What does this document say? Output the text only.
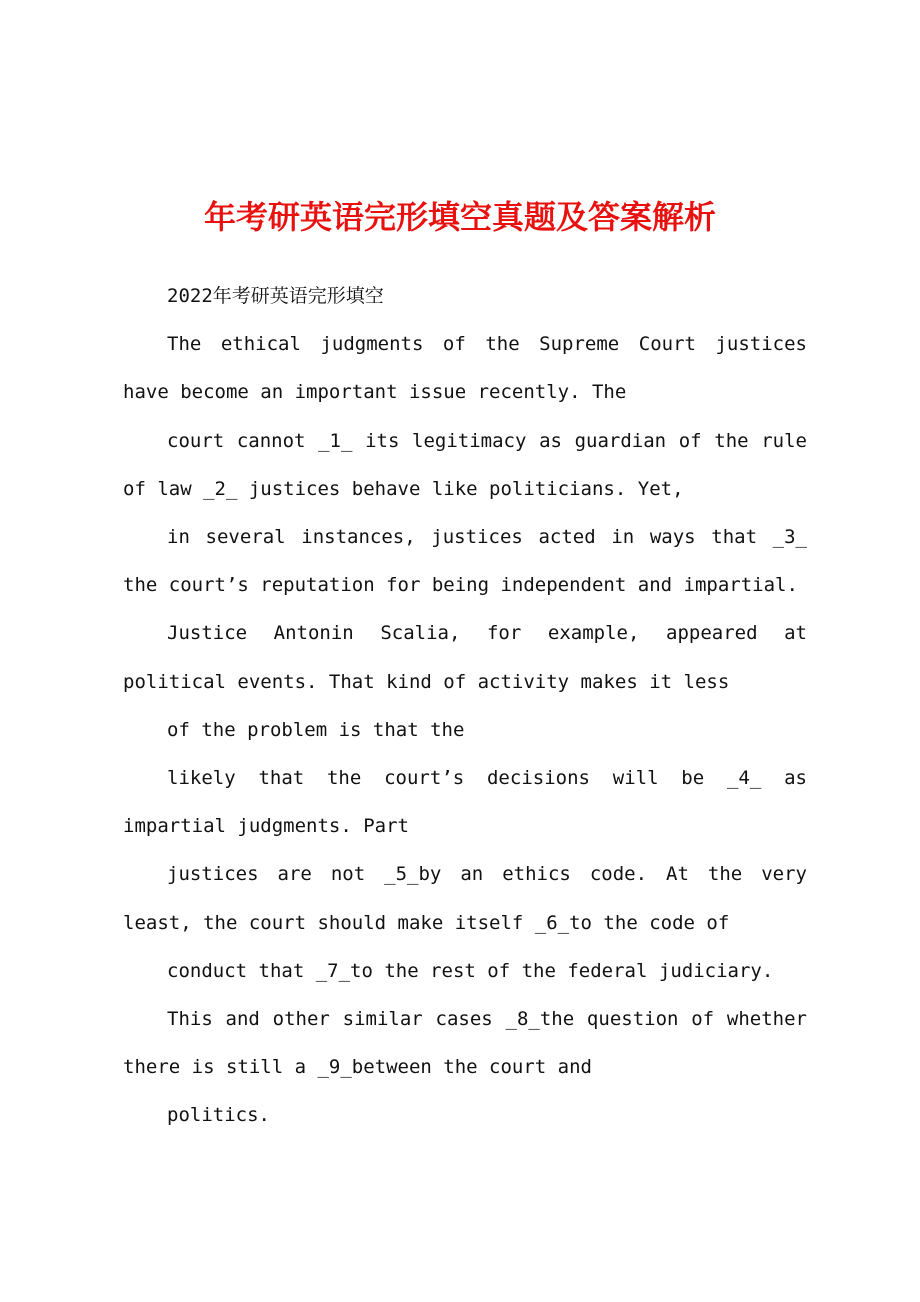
年考研英语完形填空真题及答案解析

2022年考研英语完形填空

The ethical judgments of the Supreme Court justices have become an important issue recently. The

court cannot _1_ its legitimacy as guardian of the rule of law _2_ justices behave like politicians. Yet,

in several instances, justices acted in ways that _3_ the court’s reputation for being independent and impartial.

Justice Antonin Scalia, for example, appeared at political events. That kind of activity makes it less

of the problem is that the

likely that the court’s decisions will be _4_ as impartial judgments. Part

justices are not _5_by an ethics code. At the very least, the court should make itself _6_to the code of

conduct that _7_to the rest of the federal judiciary.

This and other similar cases _8_the question of whether there is still a _9_between the court and

politics.
